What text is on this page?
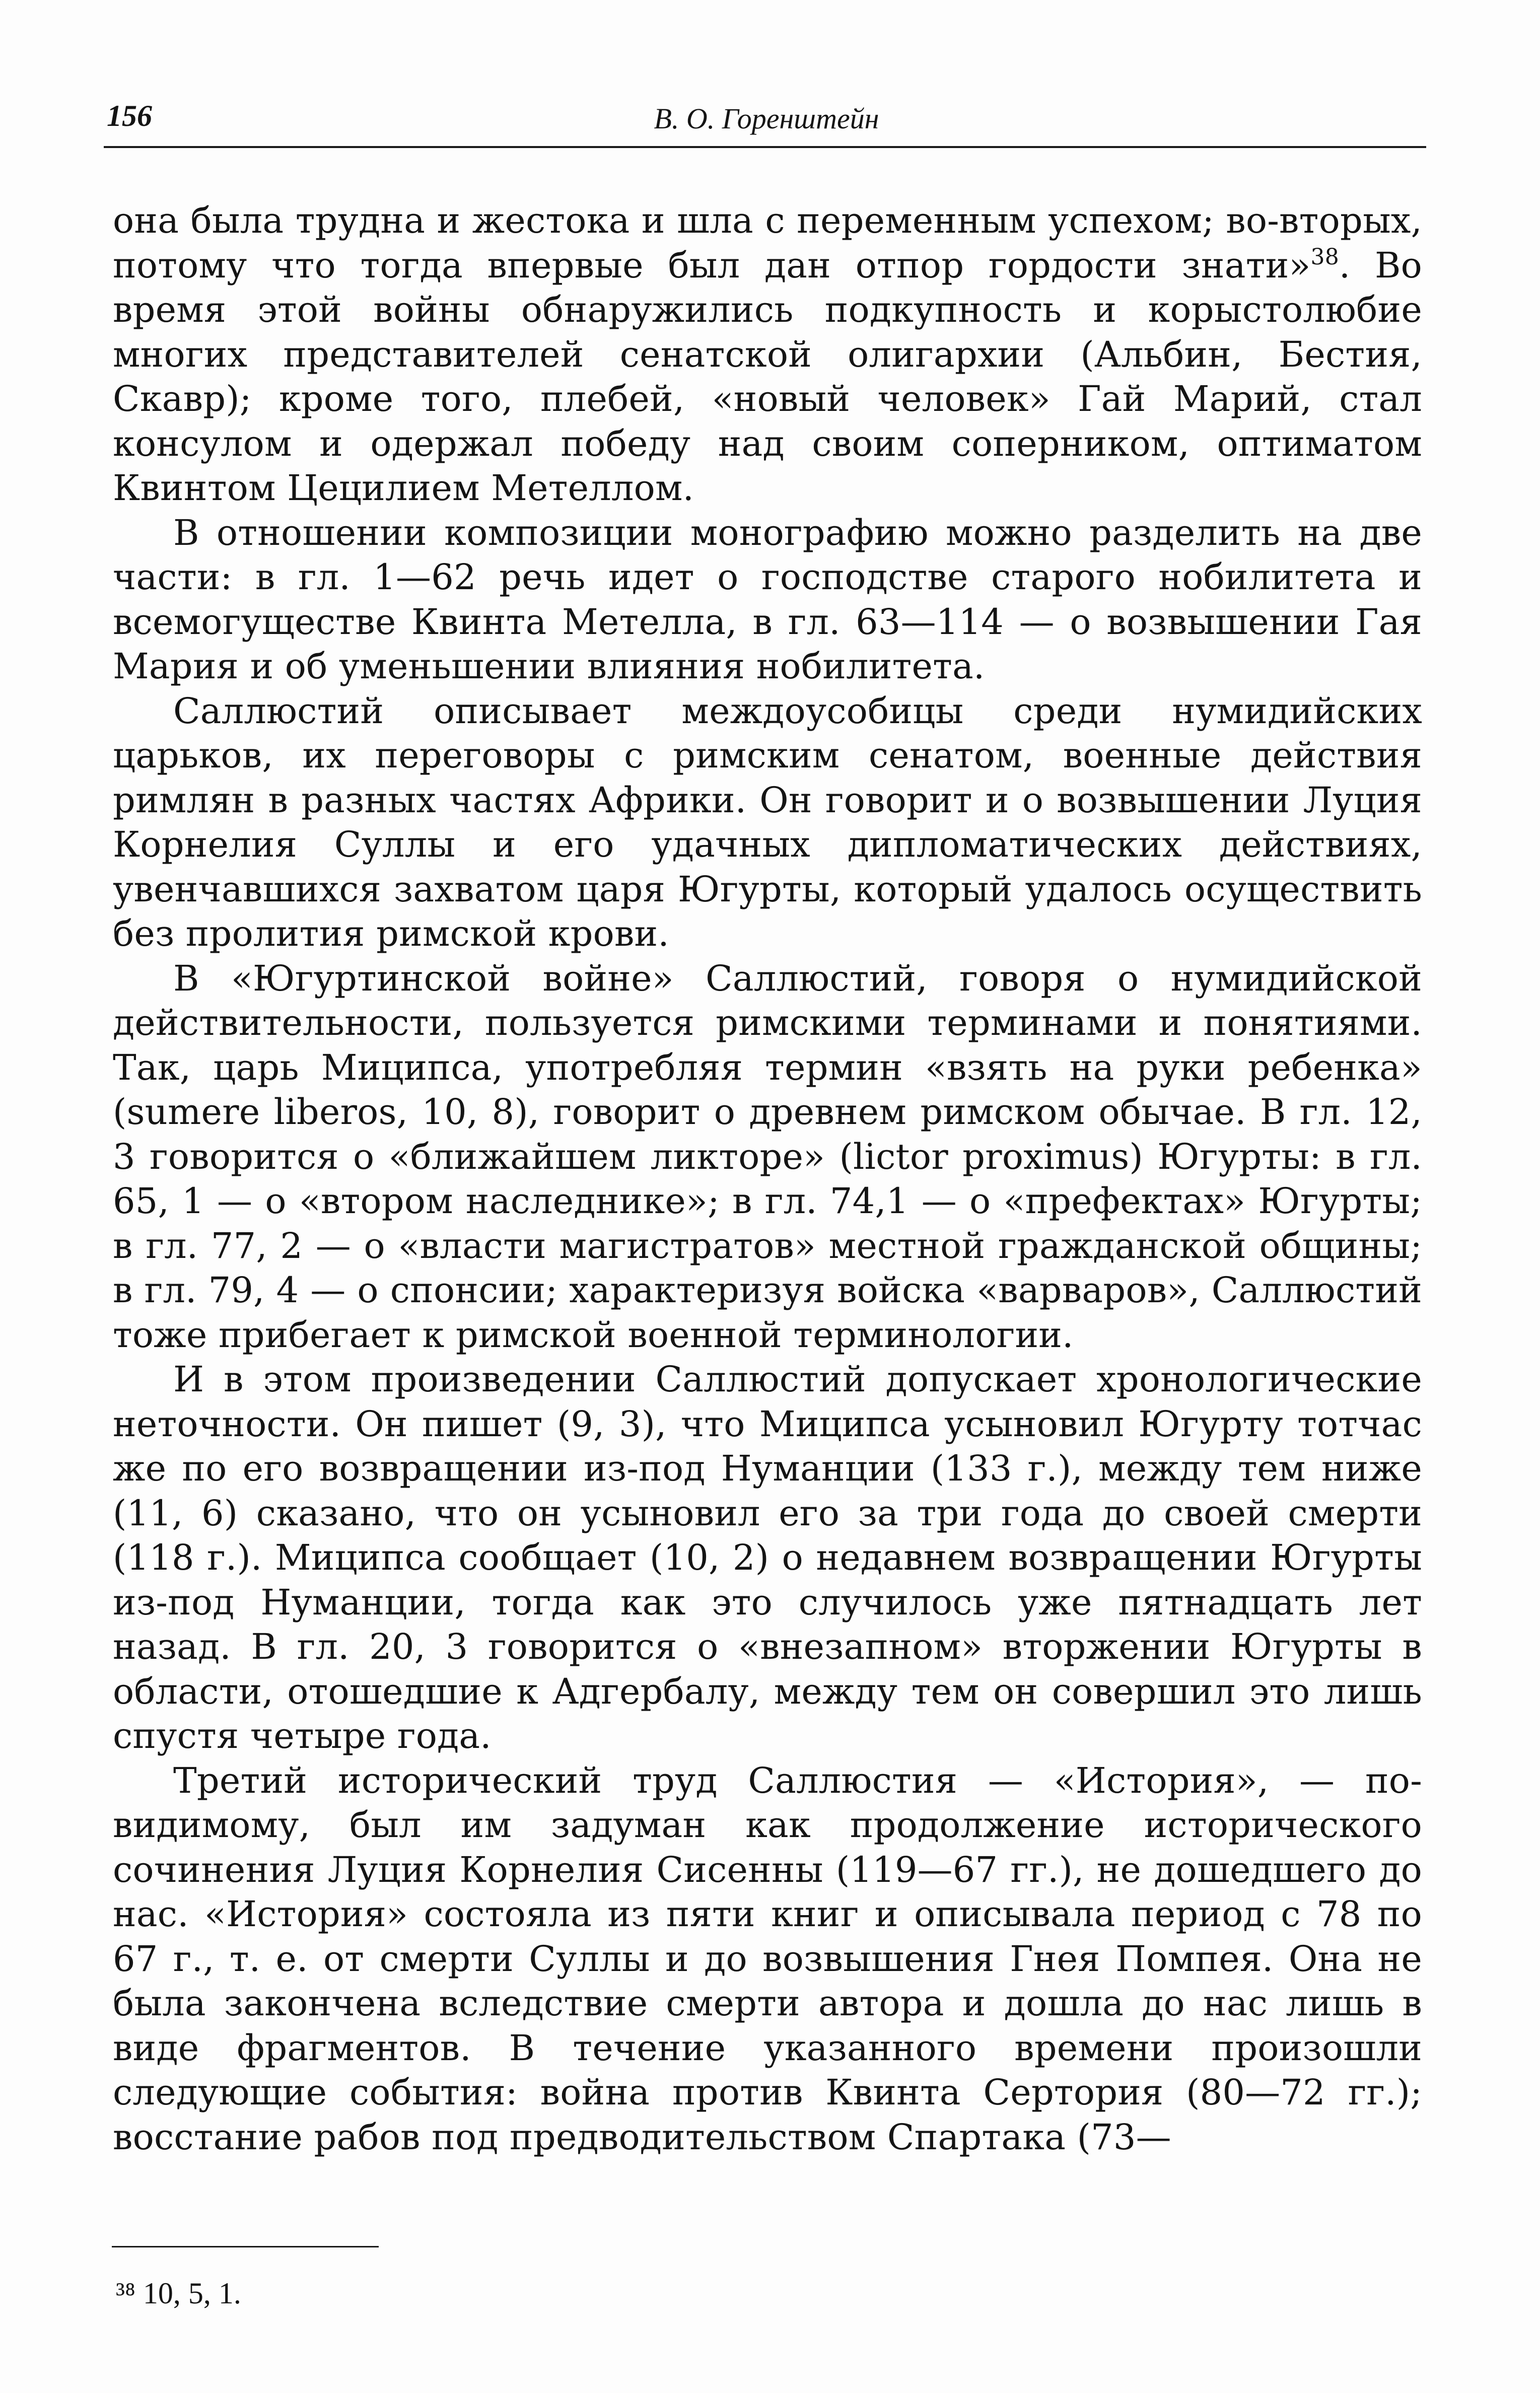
156	В. О. Горенштейн

она была трудна и жестока и шла с переменным успехом; во-вторых, потому что тогда впервые был дан отпор гордости знати»$^{38}$. Во время этой войны обнаружились подкупность и корыстолюбие многих представителей сенатской олигархии (Альбин, Бестия, Скавр); кроме того, плебей, «новый человек» Гай Марий, стал консулом и одержал победу над своим соперником, оптиматом Квинтом Цецилием Метеллом.

В отношении композиции монографию можно разделить на две части: в гл. 1—62 речь идет о господстве старого нобилитета и всемогуществе Квинта Метелла, в гл. 63—114 — о возвышении Гая Мария и об уменьшении влияния нобилитета.

Саллюстий описывает междоусобицы среди нумидийских царьков, их переговоры с римским сенатом, военные действия римлян в разных частях Африки. Он говорит и о возвышении Луция Корнелия Суллы и его удачных дипломатических действиях, увенчавшихся захватом царя Югурты, который удалось осуществить без пролития римской крови.

В «Югуртинской войне» Саллюстий, говоря о нумидийской действительности, пользуется римскими терминами и понятиями. Так, царь Миципса, употребляя термин «взять на руки ребенка» (sumere liberos, 10, 8), говорит о древнем римском обычае. В гл. 12, 3 говорится о «ближайшем ликторе» (lictor proximus) Югурты: в гл. 65, 1 — о «втором наследнике»; в гл. 74,1 — о «префектах» Югурты; в гл. 77, 2 — о «власти магистратов» местной гражданской общины; в гл. 79, 4 — о спонсии; характеризуя войска «варваров», Саллюстий тоже прибегает к римской военной терминологии.

И в этом произведении Саллюстий допускает хронологические неточности. Он пишет (9, 3), что Миципса усыновил Югурту тотчас же по его возвращении из-под Нуманции (133 г.), между тем ниже (11, 6) сказано, что он усыновил его за три года до своей смерти (118 г.). Миципса сообщает (10, 2) о недавнем возвращении Югурты из-под Нуманции, тогда как это случилось уже пятнадцать лет назад. В гл. 20, 3 говорится о «внезапном» вторжении Югурты в области, отошедшие к Адгербалу, между тем он совершил это лишь спустя четыре года.

Третий исторический труд Саллюстия — «История», — по-видимому, был им задуман как продолжение исторического сочинения Луция Корнелия Сисенны (119—67 гг.), не дошедшего до нас. «История» состояла из пяти книг и описывала период с 78 по 67 г., т. е. от смерти Суллы и до возвышения Гнея Помпея. Она не была закончена вследствие смерти автора и дошла до нас лишь в виде фрагментов. В течение указанного времени произошли следующие события: война против Квинта Сертория (80—72 гг.); восстание рабов под предводительством Спартака (73—

³⁸ 10, 5, 1.
